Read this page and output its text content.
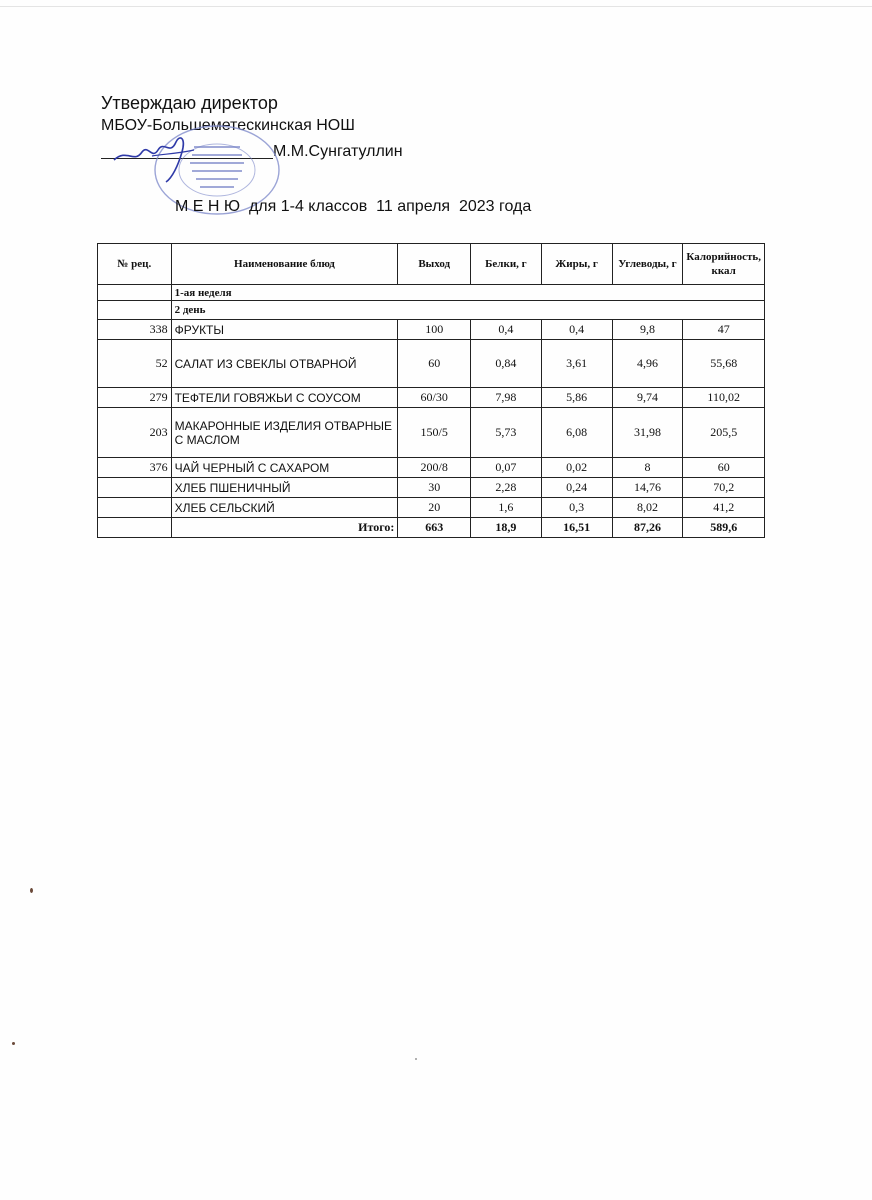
Утверждаю директор
МБОУ-Большеметескинская НОШ
М.М.Сунгатуллин
М Е Н Ю  для 1-4 классов  11 апреля  2023 года
№ рец.	Наименование блюд	Выход	Белки, г	Жиры, г	Углеводы, г	Калорийность, ккал
	1-ая неделя					
	2 день					
338	ФРУКТЫ	100	0,4	0,4	9,8	47
52	САЛАТ ИЗ СВЕКЛЫ ОТВАРНОЙ	60	0,84	3,61	4,96	55,68
279	ТЕФТЕЛИ ГОВЯЖЬИ С СОУСОМ	60/30	7,98	5,86	9,74	110,02
203	МАКАРОННЫЕ ИЗДЕЛИЯ ОТВАРНЫЕ С МАСЛОМ	150/5	5,73	6,08	31,98	205,5
376	ЧАЙ ЧЕРНЫЙ С САХАРОМ	200/8	0,07	0,02	8	60
	ХЛЕБ ПШЕНИЧНЫЙ	30	2,28	0,24	14,76	70,2
	ХЛЕБ СЕЛЬСКИЙ	20	1,6	0,3	8,02	41,2
	Итого:	663	18,9	16,51	87,26	589,6
